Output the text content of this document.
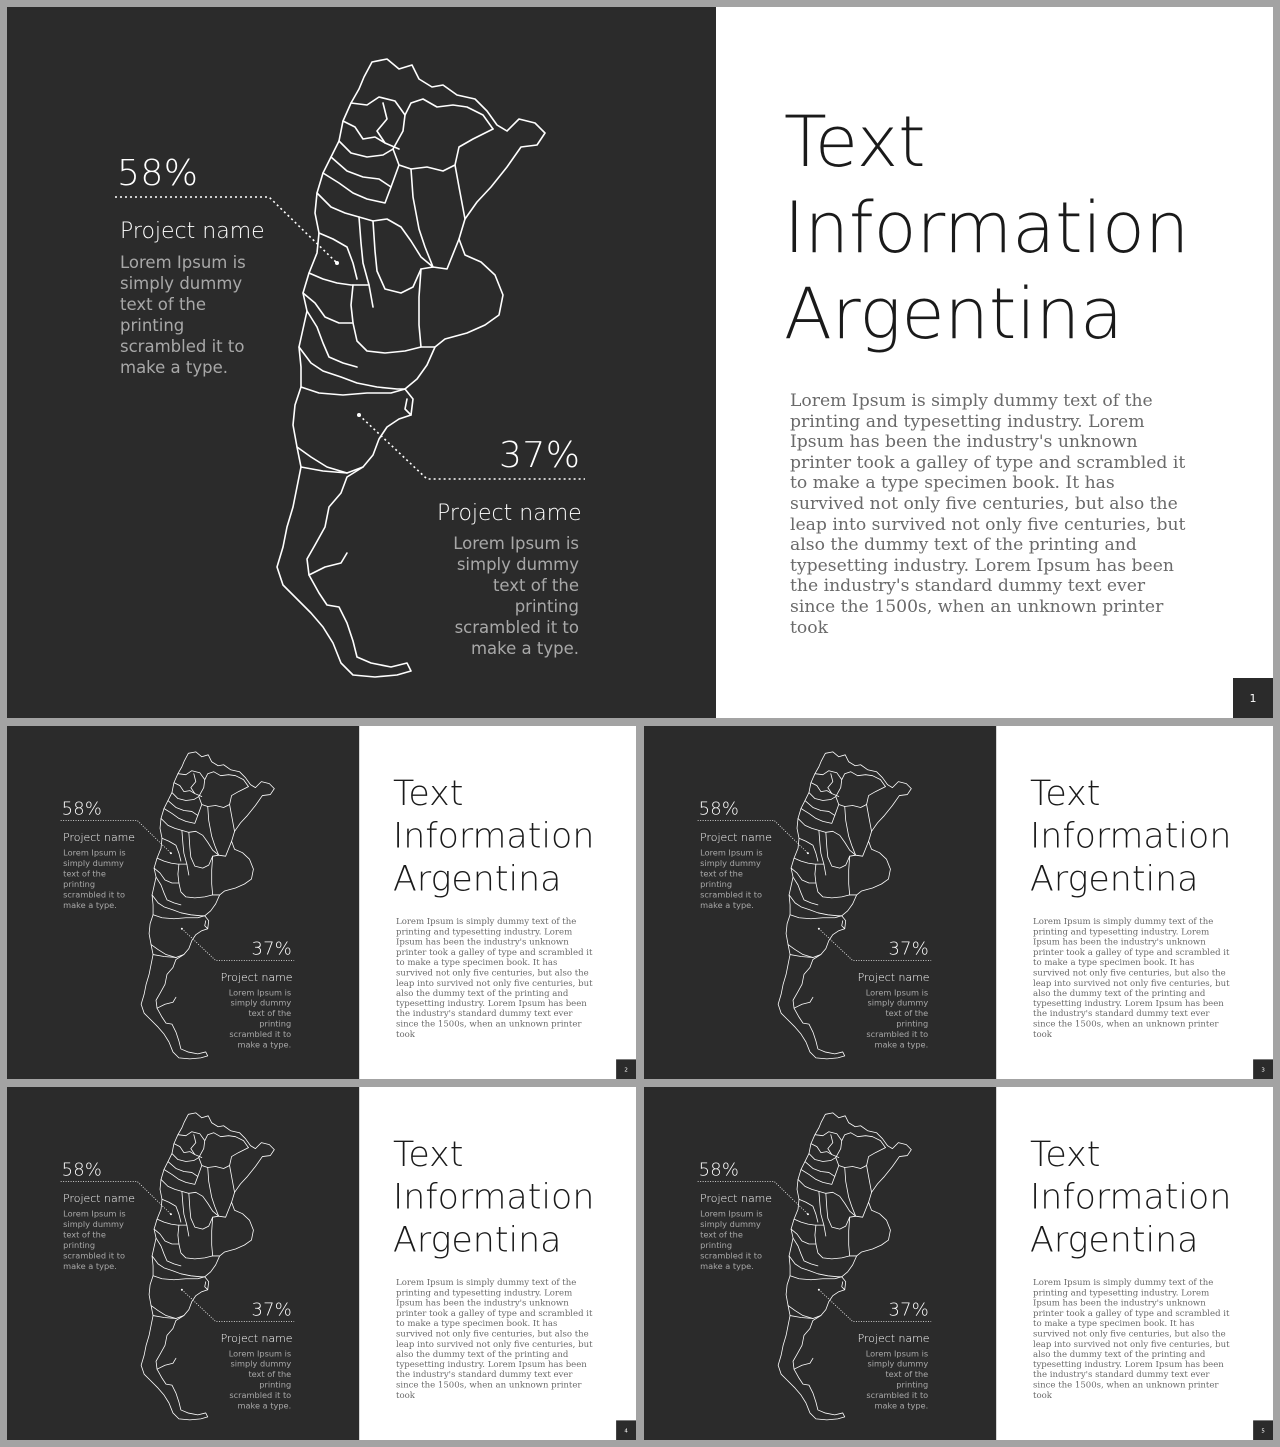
58%
Project name
Lorem Ipsum is simply dummy text of the printing scrambled it to make a type.
37%
Project name
Lorem Ipsum is simply dummy text of the printing scrambled it to make a type.
Text
Information
Argentina
Lorem Ipsum is simply dummy text of the printing and typesetting industry. Lorem Ipsum has been the industry's unknown printer took a galley of type and scrambled it to make a type specimen book. It has survived not only five centuries, but also the leap into survived not only five centuries, but also the dummy text of the printing and typesetting industry. Lorem Ipsum has been the industry's standard dummy text ever since the 1500s, when an unknown printer took
1
58%
Project name
Lorem Ipsum is simply dummy text of the printing scrambled it to make a type.
37%
Project name
Lorem Ipsum is simply dummy text of the printing scrambled it to make a type.
Text
Information
Argentina
Lorem Ipsum is simply dummy text of the printing and typesetting industry. Lorem Ipsum has been the industry's unknown printer took a galley of type and scrambled it to make a type specimen book. It has survived not only five centuries, but also the leap into survived not only five centuries, but also the dummy text of the printing and typesetting industry. Lorem Ipsum has been the industry's standard dummy text ever since the 1500s, when an unknown printer took
2
58%
Project name
Lorem Ipsum is simply dummy text of the printing scrambled it to make a type.
37%
Project name
Lorem Ipsum is simply dummy text of the printing scrambled it to make a type.
Text
Information
Argentina
Lorem Ipsum is simply dummy text of the printing and typesetting industry. Lorem Ipsum has been the industry's unknown printer took a galley of type and scrambled it to make a type specimen book. It has survived not only five centuries, but also the leap into survived not only five centuries, but also the dummy text of the printing and typesetting industry. Lorem Ipsum has been the industry's standard dummy text ever since the 1500s, when an unknown printer took
3
58%
Project name
Lorem Ipsum is simply dummy text of the printing scrambled it to make a type.
37%
Project name
Lorem Ipsum is simply dummy text of the printing scrambled it to make a type.
Text
Information
Argentina
Lorem Ipsum is simply dummy text of the printing and typesetting industry. Lorem Ipsum has been the industry's unknown printer took a galley of type and scrambled it to make a type specimen book. It has survived not only five centuries, but also the leap into survived not only five centuries, but also the dummy text of the printing and typesetting industry. Lorem Ipsum has been the industry's standard dummy text ever since the 1500s, when an unknown printer took
4
58%
Project name
Lorem Ipsum is simply dummy text of the printing scrambled it to make a type.
37%
Project name
Lorem Ipsum is simply dummy text of the printing scrambled it to make a type.
Text
Information
Argentina
Lorem Ipsum is simply dummy text of the printing and typesetting industry. Lorem Ipsum has been the industry's unknown printer took a galley of type and scrambled it to make a type specimen book. It has survived not only five centuries, but also the leap into survived not only five centuries, but also the dummy text of the printing and typesetting industry. Lorem Ipsum has been the industry's standard dummy text ever since the 1500s, when an unknown printer took
5
